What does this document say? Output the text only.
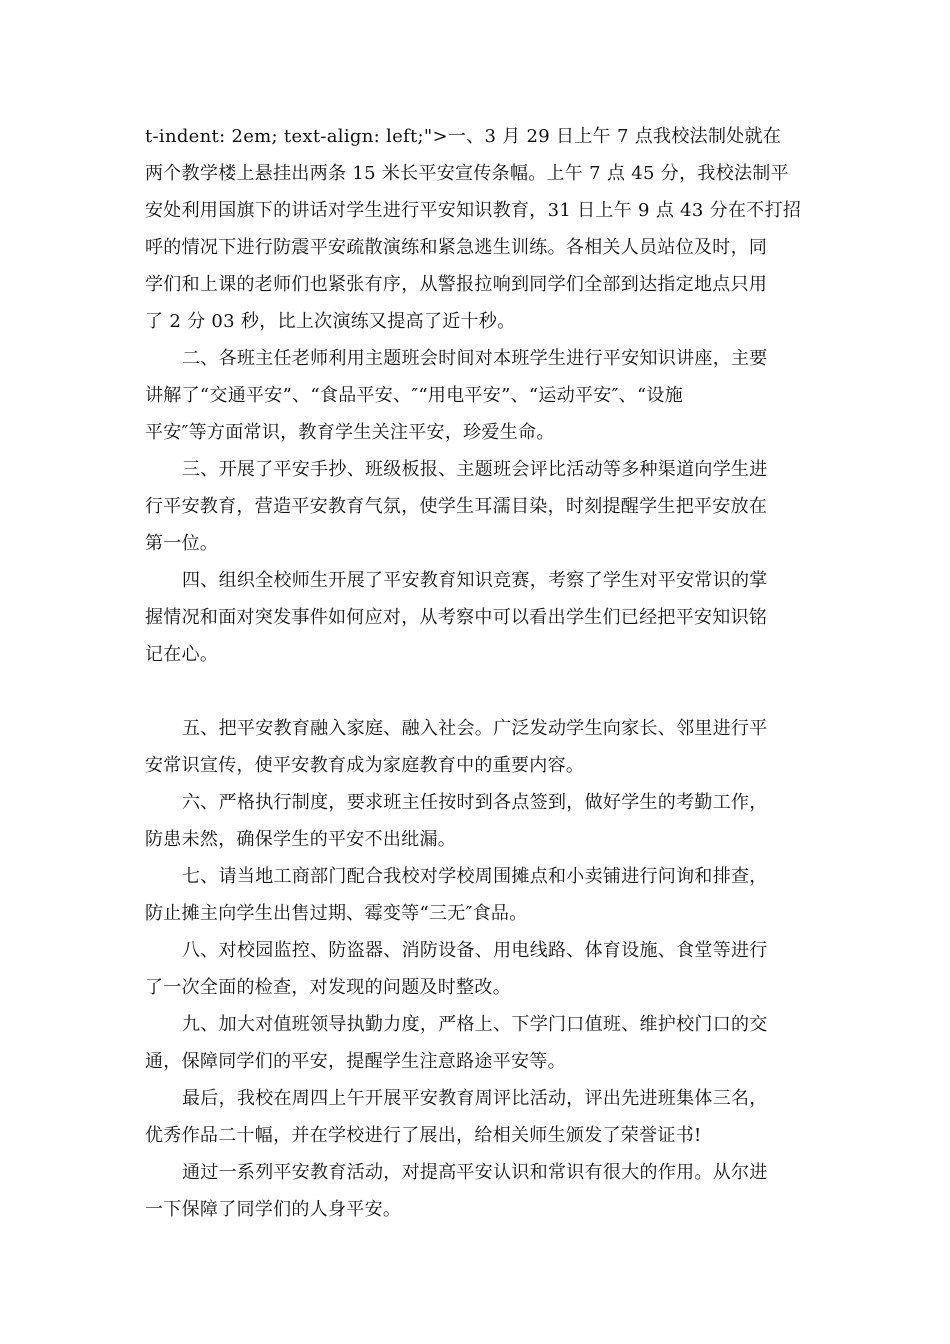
t-indent: 2em; text-align: left;">一、3 月 29 日上午 7 点我校法制处就在
两个教学楼上悬挂出两条 15 米长平安宣传条幅。上午 7 点 45 分，我校法制平
安处利用国旗下的讲话对学生进行平安知识教育，31 日上午 9 点 43 分在不打招
呼的情况下进行防震平安疏散演练和紧急逃生训练。各相关人员站位及时，同
学们和上课的老师们也紧张有序，从警报拉响到同学们全部到达指定地点只用
了 2 分 03 秒，比上次演练又提高了近十秒。

二、各班主任老师利用主题班会时间对本班学生进行平安知识讲座，主要
讲解了“交通平安”、“食品平安、″“用电平安”、“运动平安″、“设施
平安″等方面常识，教育学生关注平安，珍爱生命。

三、开展了平安手抄、班级板报、主题班会评比活动等多种渠道向学生进
行平安教育，营造平安教育气氛，使学生耳濡目染，时刻提醒学生把平安放在
第一位。

四、组织全校师生开展了平安教育知识竞赛，考察了学生对平安常识的掌
握情况和面对突发事件如何应对，从考察中可以看出学生们已经把平安知识铭
记在心。

五、把平安教育融入家庭、融入社会。广泛发动学生向家长、邻里进行平
安常识宣传，使平安教育成为家庭教育中的重要内容。

六、严格执行制度，要求班主任按时到各点签到，做好学生的考勤工作，
防患未然，确保学生的平安不出纰漏。

七、请当地工商部门配合我校对学校周围摊点和小卖铺进行问询和排查，
防止摊主向学生出售过期、霉变等“三无″食品。

八、对校园监控、防盗器、消防设备、用电线路、体育设施、食堂等进行
了一次全面的检查，对发现的问题及时整改。

九、加大对值班领导执勤力度，严格上、下学门口值班、维护校门口的交
通，保障同学们的平安，提醒学生注意路途平安等。

最后，我校在周四上午开展平安教育周评比活动，评出先进班集体三名，
优秀作品二十幅，并在学校进行了展出，给相关师生颁发了荣誉证书!

通过一系列平安教育活动，对提高平安认识和常识有很大的作用。从尔进
一下保障了同学们的人身平安。
